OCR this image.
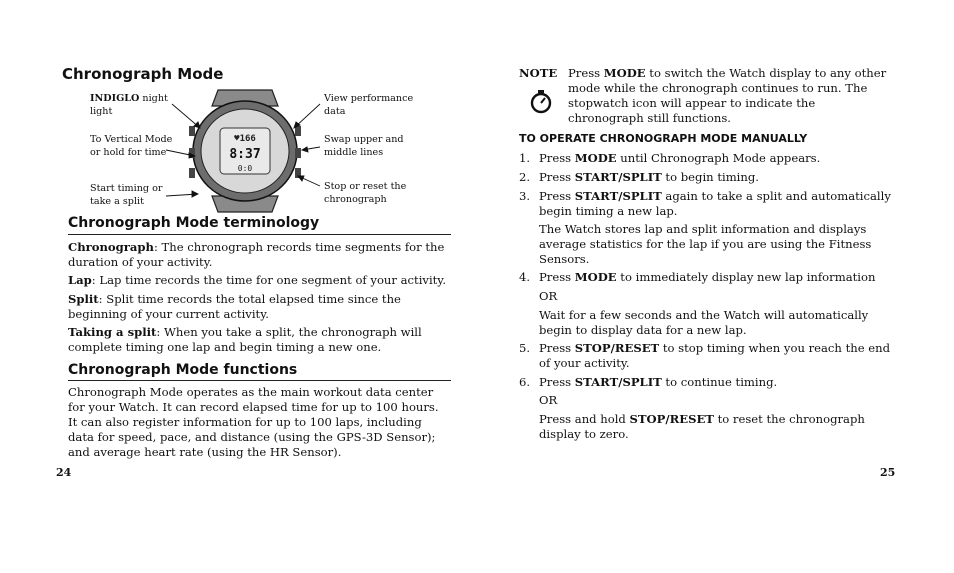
Chronograph Mode
INDIGLO night light
To Vertical Mode or hold for time
Start timing or take a split
View performance data
Swap upper and middle lines
Stop or reset the chronograph
♥166
8:37
0:0
Chronograph Mode terminology
Chronograph: The chronograph records time segments for the duration of your activity.
Lap: Lap time records the time for one segment of your activity.
Split: Split time records the total elapsed time since the beginning of your current activity.
Taking a split: When you take a split, the chronograph will complete timing one lap and begin timing a new one.
Chronograph Mode functions
Chronograph Mode operates as the main workout data center for your Watch. It can record elapsed time for up to 100 hours. It can also register information for up to 100 laps, including data for speed, pace, and distance (using the GPS-3D Sensor); and average heart rate (using the HR Sensor).
24
NOTE Press MODE to switch the Watch display to any other mode while the chronograph continues to run. The stopwatch icon will appear to indicate the chronograph still functions.
TO OPERATE CHRONOGRAPH MODE MANUALLY
1. Press MODE until Chronograph Mode appears.
2. Press START/SPLIT to begin timing.
3. Press START/SPLIT again to take a split and automatically begin timing a new lap.
The Watch stores lap and split information and displays average statistics for the lap if you are using the Fitness Sensors.
4. Press MODE to immediately display new lap information
OR
Wait for a few seconds and the Watch will automatically begin to display data for a new lap.
5. Press STOP/RESET to stop timing when you reach the end of your activity.
6. Press START/SPLIT to continue timing.
OR
Press and hold STOP/RESET to reset the chronograph display to zero.
25
